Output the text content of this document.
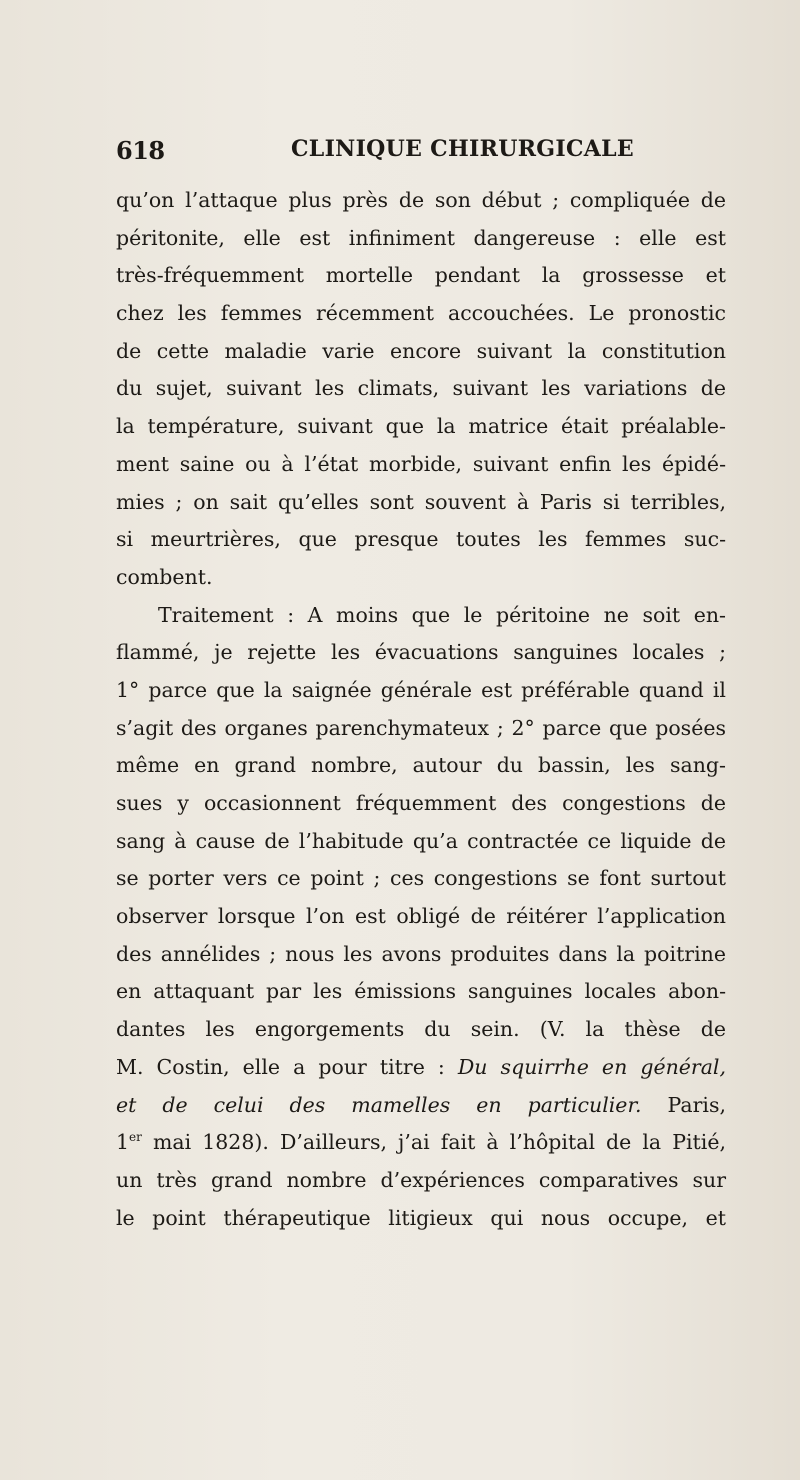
618	CLINIQUE CHIRURGICALE
qu’on l’attaque plus près de son début ; compliquée de
péritonite, elle est infiniment dangereuse : elle est
très-fréquemment mortelle pendant la grossesse et
chez les femmes récemment accouchées. Le pronostic
de cette maladie varie encore suivant la constitution
du sujet, suivant les climats, suivant les variations de
la température, suivant que la matrice était préalable-
ment saine ou à l’état morbide, suivant enfin les épidé-
mies ; on sait qu’elles sont souvent à Paris si terribles,
si meurtrières, que presque toutes les femmes suc-
combent.
Traitement : A moins que le péritoine ne soit en-
flammé, je rejette les évacuations sanguines locales ;
1° parce que la saignée générale est préférable quand il
s’agit des organes parenchymateux ; 2° parce que posées
même en grand nombre, autour du bassin, les sang-
sues y occasionnent fréquemment des congestions de
sang à cause de l’habitude qu’a contractée ce liquide de
se porter vers ce point ; ces congestions se font surtout
observer lorsque l’on est obligé de réitérer l’application
des annélides ; nous les avons produites dans la poitrine
en attaquant par les émissions sanguines locales abon-
dantes les engorgements du sein. (V. la thèse de
M. Costin, elle a pour titre : Du squirrhe en général,
et de celui des mamelles en particulier. Paris,
1er mai 1828). D’ailleurs, j’ai fait à l’hôpital de la Pitié,
un très grand nombre d’expériences comparatives sur
le point thérapeutique litigieux qui nous occupe, et
